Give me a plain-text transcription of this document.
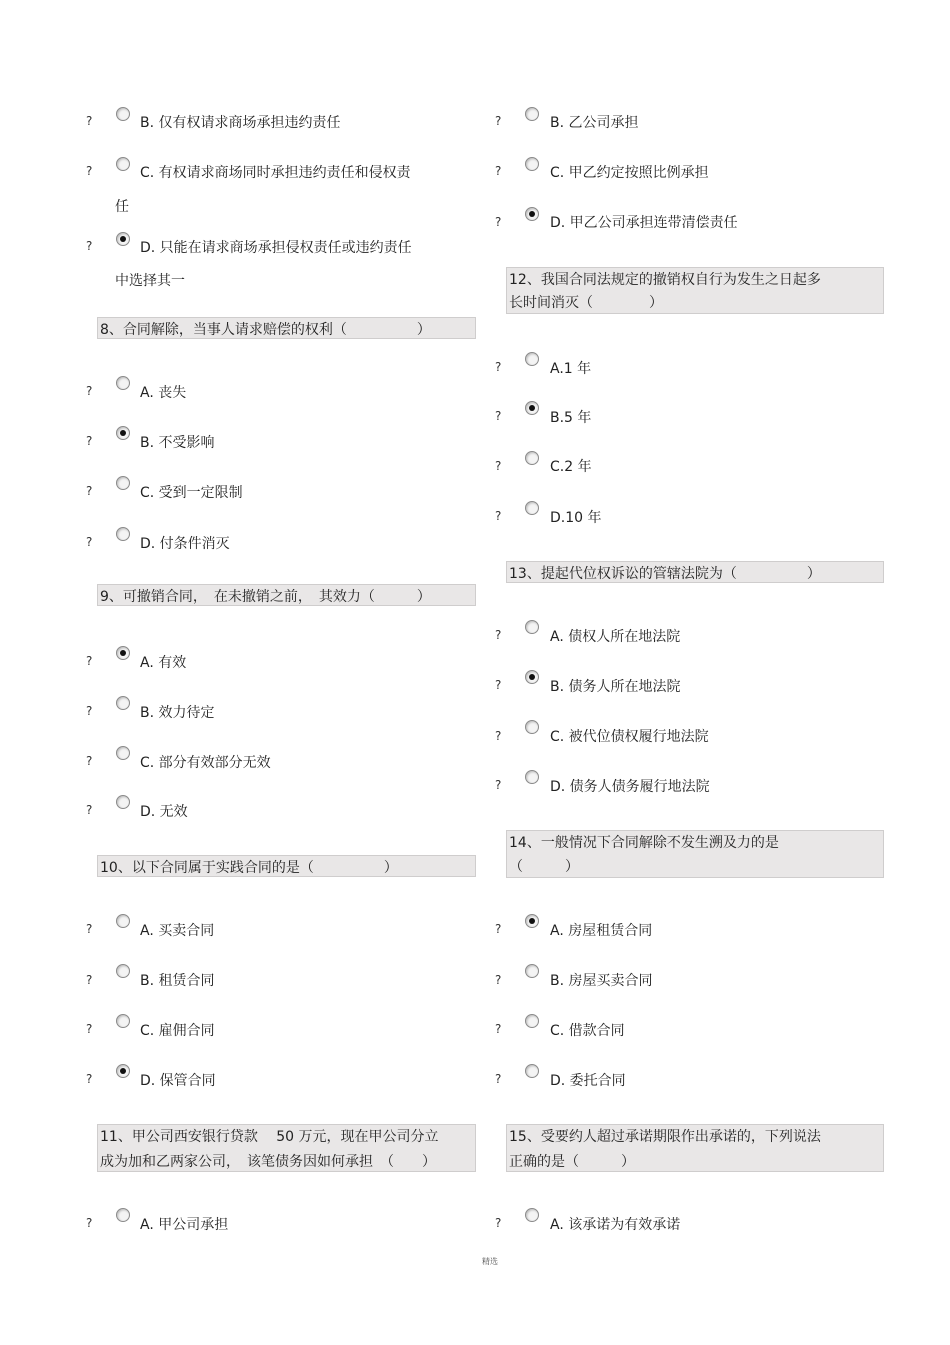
?	B. 仅有权请求商场承担违约责任
?	C. 有权请求商场同时承担违约责任和侵权责
任
?	D. 只能在请求商场承担侵权责任或违约责任
中选择其一
8、合同解除，当事人请求赔偿的权利（　　　　　）
?	A. 丧失
?	B. 不受影响
?	C. 受到一定限制
?	D. 付条件消灭
9、可撤销合同，　在未撤销之前，　其效力（　　　）
?	A. 有效
?	B. 效力待定
?	C. 部分有效部分无效
?	D. 无效
10、以下合同属于实践合同的是（　　　　　）
?	A. 买卖合同
?	B. 租赁合同
?	C. 雇佣合同
?	D. 保管合同
11、甲公司西安银行贷款　 50 万元，现在甲公司分立
成为加和乙两家公司，　该笔债务因如何承担　（　　）
?	A. 甲公司承担
?	B. 乙公司承担
?	C. 甲乙约定按照比例承担
?	D. 甲乙公司承担连带清偿责任
12、我国合同法规定的撤销权自行为发生之日起多
长时间消灭（　　　　）
?	A.1 年
?	B.5 年
?	C.2 年
?	D.10 年
13、提起代位权诉讼的管辖法院为（　　　　　）
?	A. 债权人所在地法院
?	B. 债务人所在地法院
?	C. 被代位债权履行地法院
?	D. 债务人债务履行地法院
14、一般情况下合同解除不发生溯及力的是
（　　　）
?	A. 房屋租赁合同
?	B. 房屋买卖合同
?	C. 借款合同
?	D. 委托合同
15、受要约人超过承诺期限作出承诺的，下列说法
正确的是（　　　）
?	A. 该承诺为有效承诺
精选
